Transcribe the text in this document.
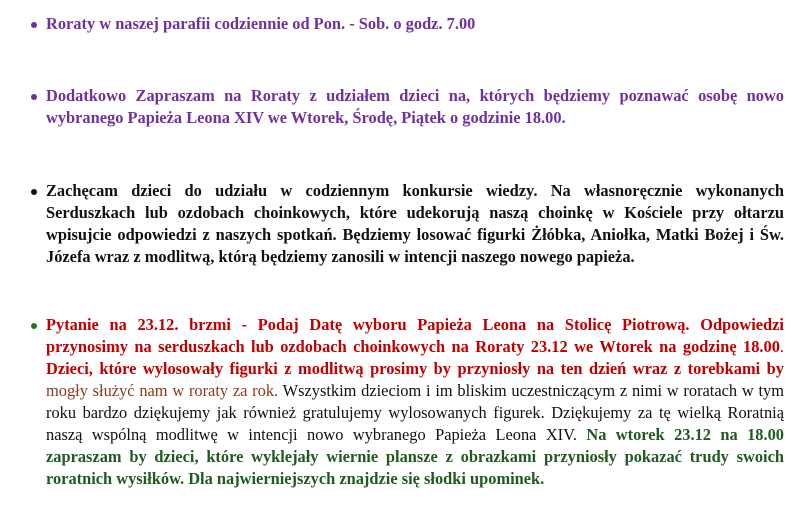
Roraty w naszej parafii codziennie od Pon. - Sob. o godz. 7.00
Dodatkowo Zapraszam na Roraty z udziałem dzieci na, których będziemy poznawać osobę nowo wybranego Papieża Leona XIV we Wtorek, Środę, Piątek o godzinie 18.00.
Zachęcam dzieci do udziału w codziennym konkursie wiedzy. Na własnoręcznie wykonanych Serduszkach lub ozdobach choinkowych, które udekorują naszą choinkę w Kościele przy ołtarzu wpisujcie odpowiedzi z naszych spotkań. Będziemy losować figurki Żłóbka, Aniołka, Matki Bożej i Św. Józefa wraz z modlitwą, którą będziemy zanosili w intencji naszego nowego papieża.
Pytanie na 23.12. brzmi - Podaj Datę wyboru Papieża Leona na Stolicę Piotrową. Odpowiedzi przynosimy na serduszkach lub ozdobach choinkowych na Roraty 23.12 we Wtorek na godzinę 18.00. Dzieci, które wylosowały figurki z modlitwą prosimy by przyniosły na ten dzień wraz z torebkami by mogły służyć nam w roraty za rok. Wszystkim dzieciom i im bliskim uczestniczącym z nimi w roratach w tym roku bardzo dziękujemy jak również gratulujemy wylosowanych figurek. Dziękujemy za tę wielką Roratnią naszą wspólną modlitwę w intencji nowo wybranego Papieża Leona XIV. Na wtorek 23.12 na 18.00 zapraszam by dzieci, które wyklejały wiernie plansze z obrazkami przyniosły pokazać trudy swoich roratnich wysiłków. Dla najwierniejszych znajdzie się słodki upominek.
